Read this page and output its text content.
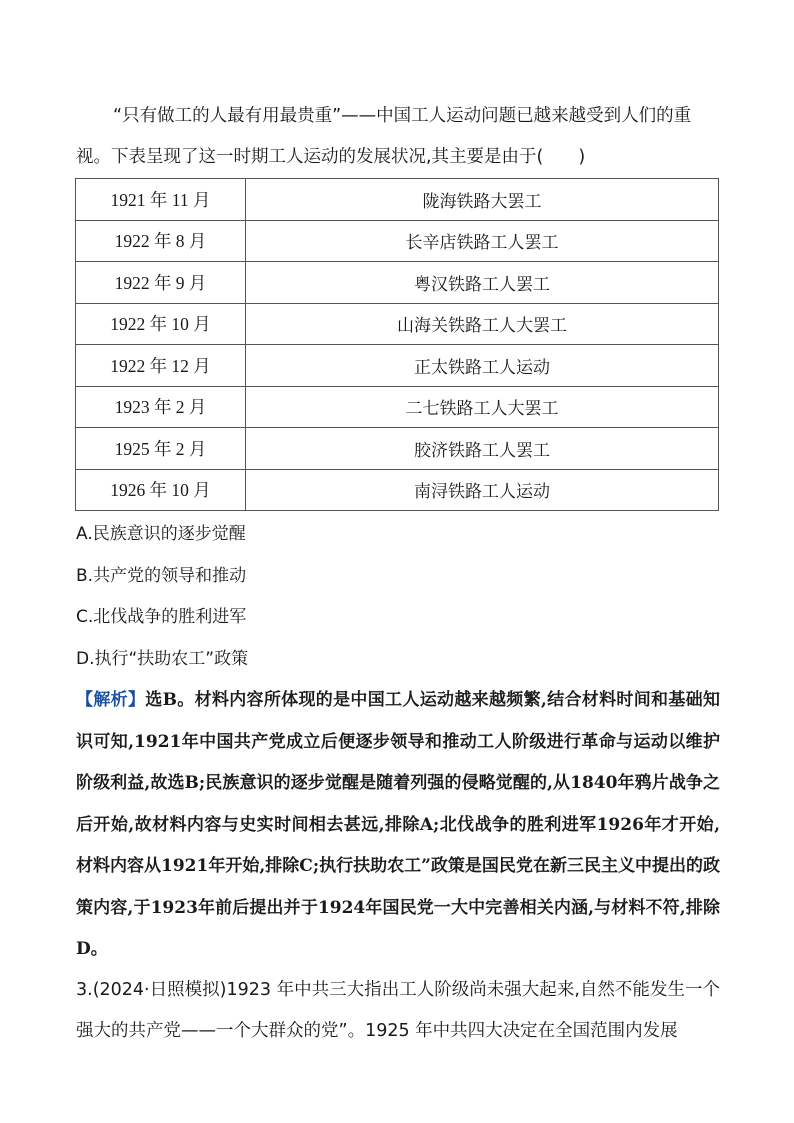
“只有做工的人最有用最贵重”——中国工人运动问题已越来越受到人们的重视。下表呈现了这一时期工人运动的发展状况,其主要是由于(　　)

1921 年 11 月	陇海铁路大罢工
1922 年 8 月	长辛店铁路工人罢工
1922 年 9 月	粤汉铁路工人罢工
1922 年 10 月	山海关铁路工人大罢工
1922 年 12 月	正太铁路工人运动
1923 年 2 月	二七铁路工人大罢工
1925 年 2 月	胶济铁路工人罢工
1926 年 10 月	南浔铁路工人运动

A.民族意识的逐步觉醒

B.共产党的领导和推动

C.北伐战争的胜利进军

D.执行“扶助农工”政策

【解析】选B。材料内容所体现的是中国工人运动越来越频繁,结合材料时间和基础知识可知,1921年中国共产党成立后便逐步领导和推动工人阶级进行革命与运动以维护阶级利益,故选B;民族意识的逐步觉醒是随着列强的侵略觉醒的,从1840年鸦片战争之后开始,故材料内容与史实时间相去甚远,排除A;北伐战争的胜利进军1926年才开始,材料内容从1921年开始,排除C;执行扶助农工”政策是国民党在新三民主义中提出的政策内容,于1923年前后提出并于1924年国民党一大中完善相关内涵,与材料不符,排除D。

3.(2024·日照模拟)1923 年中共三大指出工人阶级尚未强大起来,自然不能发生一个强大的共产党——一个大群众的党”。1925 年中共四大决定在全国范围内发展
